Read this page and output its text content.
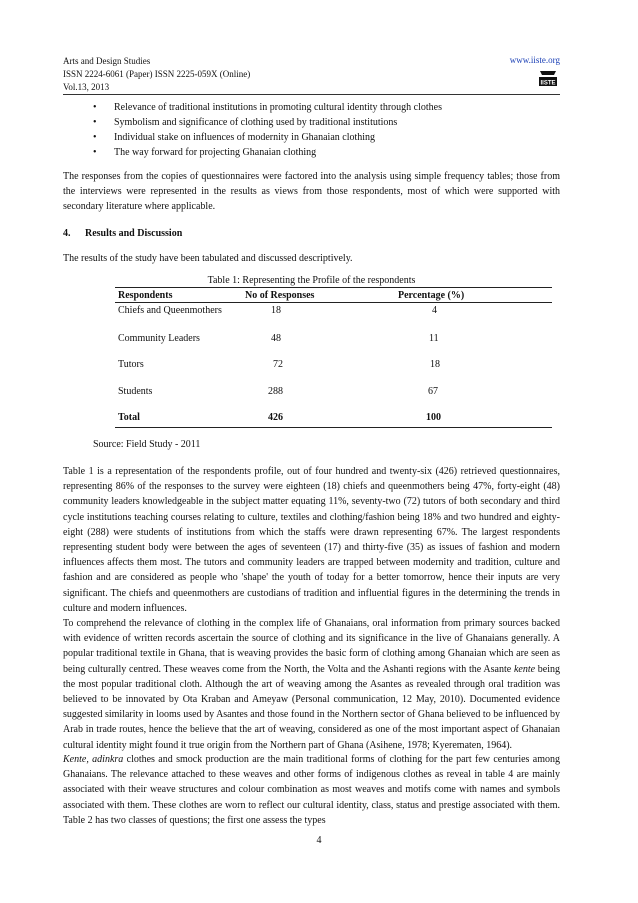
Arts and Design Studies
ISSN 2224-6061 (Paper) ISSN 2225-059X (Online)
Vol.13, 2013
www.iiste.org
IISTE
• Relevance of traditional institutions in promoting cultural identity through clothes
• Symbolism and significance of clothing used by traditional institutions
• Individual stake on influences of modernity in Ghanaian clothing
• The way forward for projecting Ghanaian clothing

The responses from the copies of questionnaires were factored into the analysis using simple frequency tables; those from the interviews were represented in the results as views from those respondents, most of which were supported with secondary literature where applicable.

4. Results and Discussion

The results of the study have been tabulated and discussed descriptively.

Table 1: Representing the Profile of the respondents
Respondents	No of Responses	Percentage (%)
Chiefs and Queenmothers	18	4
Community Leaders	48	11
Tutors	72	18
Students	288	67
Total	426	100
Source: Field Study - 2011

Table 1 is a representation of the respondents profile, out of four hundred and twenty-six (426) retrieved questionnaires, representing 86% of the responses to the survey were eighteen (18) chiefs and queenmothers being 47%, forty-eight (48) community leaders knowledgeable in the subject matter equating 11%, seventy-two (72) tutors of both secondary and third cycle institutions teaching courses relating to culture, textiles and clothing/fashion being 18% and two hundred and eighty-eight (288) were students of institutions from which the staffs were drawn representing 67%. The largest respondents representing student body were between the ages of seventeen (17) and thirty-five (35) as issues of fashion and modern influences affects them most. The tutors and community leaders are trapped between modernity and tradition, culture and fashion and are considered as people who 'shape' the youth of today for a better tomorrow, hence their inputs are very significant. The chiefs and queenmothers are custodians of tradition and influential figures in the determining the trends in culture and modern influences.

To comprehend the relevance of clothing in the complex life of Ghanaians, oral information from primary sources backed with evidence of written records ascertain the source of clothing and its significance in the live of Ghanaians generally. A popular traditional textile in Ghana, that is weaving provides the basic form of clothing among Ghanaian which are seen as being culturally centred. These weaves come from the North, the Volta and the Ashanti regions with the Asante kente being the most popular traditional cloth. Although the art of weaving among the Asantes as revealed through oral tradition was believed to be innovated by Ota Kraban and Ameyaw (Personal communication, 12 May, 2010). Documented evidence suggested similarity in looms used by Asantes and those found in the Northern sector of Ghana believed to be influenced by Arab in trade routes, hence the believe that the art of weaving, considered as one of the most important aspect of Ghanaian cultural identity might found it true origin from the Northern part of Ghana (Asihene, 1978; Kyerematen, 1964).

Kente, adinkra clothes and smock production are the main traditional forms of clothing for the part few centuries among Ghanaians. The relevance attached to these weaves and other forms of indigenous clothes as reveal in table 4 are mainly associated with their weave structures and colour combination as most weaves and motifs come with names and symbols associated with them. These clothes are worn to reflect our cultural identity, class, status and prestige associated with them. Table 2 has two classes of questions; the first one assess the types

4
